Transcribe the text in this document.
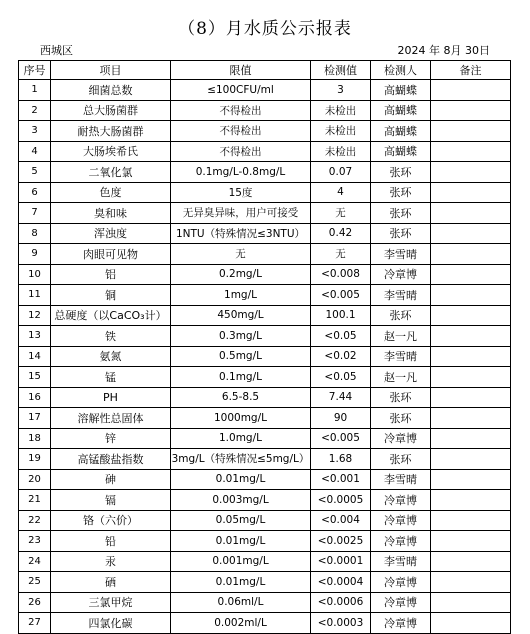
（8）月水质公示报表
西城区	2024 年 8月 30日
序号	项目	限值	检测值	检测人	备注
1	细菌总数	≤100CFU/ml	3	高蝴蝶	
2	总大肠菌群	不得检出	未检出	高蝴蝶	
3	耐热大肠菌群	不得检出	未检出	高蝴蝶	
4	大肠埃希氏	不得检出	未检出	高蝴蝶	
5	二氧化氯	0.1mg/L-0.8mg/L	0.07	张环	
6	色度	15度	4	张环	
7	臭和味	无异臭异味，用户可接受	无	张环	
8	浑浊度	1NTU（特殊情况≤3NTU）	0.42	张环	
9	肉眼可见物	无	无	李雪晴	
10	铝	0.2mg/L	<0.008	冷章博	
11	铜	1mg/L	<0.005	李雪晴	
12	总硬度（以CaCO₃计）	450mg/L	100.1	张环	
13	铁	0.3mg/L	<0.05	赵一凡	
14	氨氮	0.5mg/L	<0.02	李雪晴	
15	锰	0.1mg/L	<0.05	赵一凡	
16	PH	6.5-8.5	7.44	张环	
17	溶解性总固体	1000mg/L	90	张环	
18	锌	1.0mg/L	<0.005	冷章博	
19	高锰酸盐指数	3mg/L（特殊情况≤5mg/L）	1.68	张环	
20	砷	0.01mg/L	<0.001	李雪晴	
21	镉	0.003mg/L	<0.0005	冷章博	
22	铬（六价）	0.05mg/L	<0.004	冷章博	
23	铅	0.01mg/L	<0.0025	冷章博	
24	汞	0.001mg/L	<0.0001	李雪晴	
25	硒	0.01mg/L	<0.0004	冷章博	
26	三氯甲烷	0.06ml/L	<0.0006	冷章博	
27	四氯化碳	0.002ml/L	<0.0003	冷章博	
